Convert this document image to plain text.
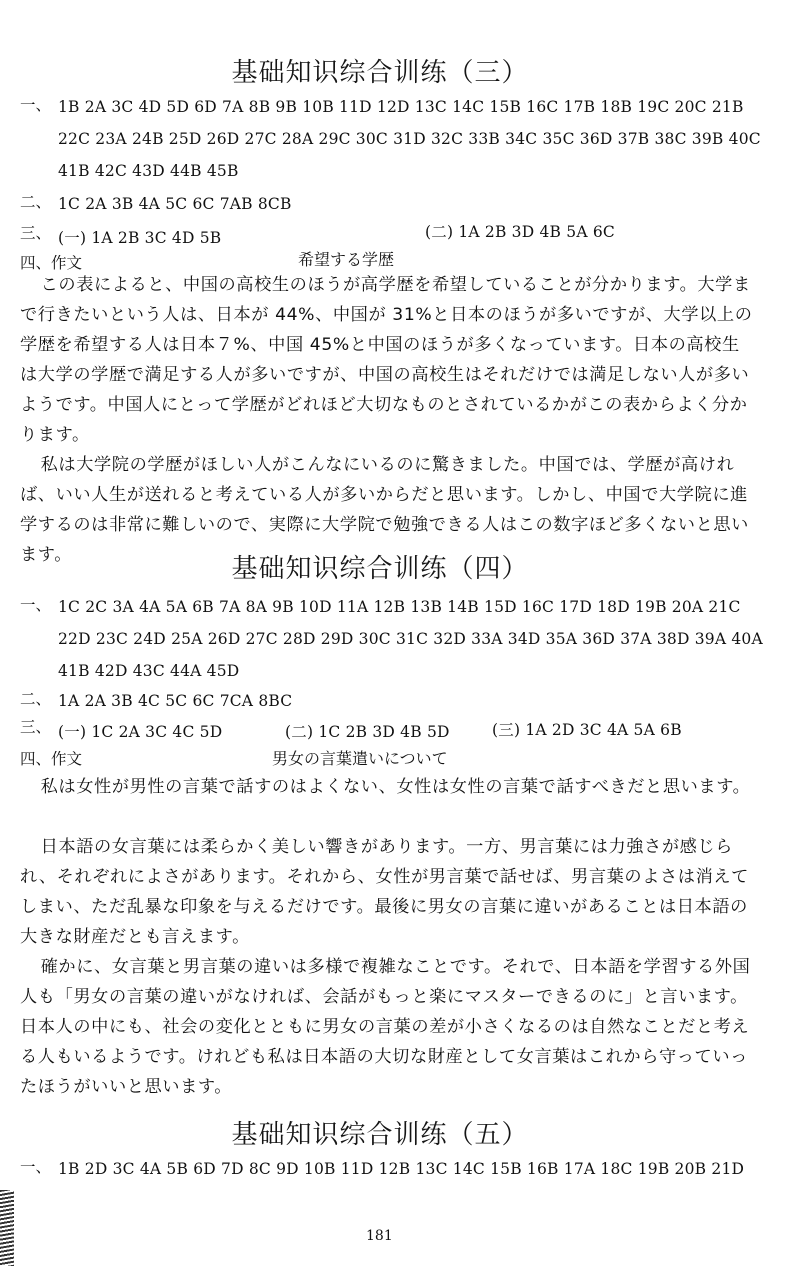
基础知识综合训练（三）
一、 1B 2A 3C 4D 5D 6D 7A 8B 9B 10B 11D 12D 13C 14C 15B 16C 17B 18B 19C 20C 21B
22C 23A 24B 25D 26D 27C 28A 29C 30C 31D 32C 33B 34C 35C 36D 37B 38C 39B 40C
41B 42C 43D 44B 45B
二、 1C 2A 3B 4A 5C 6C 7AB 8CB
三、 (一) 1A 2B 3C 4D 5B	(二) 1A 2B 3D 4B 5A 6C
四、作文	希望する学歴

この表によると、中国の高校生のほうが高学歴を希望していることが分かります。大学まで行きたいという人は、日本が 44%、中国が 31%と日本のほうが多いですが、大学以上の学歴を希望する人は日本７%、中国 45%と中国のほうが多くなっています。日本の高校生は大学の学歴で満足する人が多いですが、中国の高校生はそれだけでは満足しない人が多いようです。中国人にとって学歴がどれほど大切なものとされているかがこの表からよく分かります。

私は大学院の学歴がほしい人がこんなにいるのに驚きました。中国では、学歴が高ければ、いい人生が送れると考えている人が多いからだと思います。しかし、中国で大学院に進学するのは非常に難しいので、実際に大学院で勉強できる人はこの数字ほど多くないと思います。	基础知识综合训练（四）
一、 1C 2C 3A 4A 5A 6B 7A 8A 9B 10D 11A 12B 13B 14B 15D 16C 17D 18D 19B 20A 21C
22D 23C 24D 25A 26D 27C 28D 29D 30C 31C 32D 33A 34D 35A 36D 37A 38D 39A 40A
41B 42D 43C 44A 45D
二、 1A 2A 3B 4C 5C 6C 7CA 8BC
三、 (一) 1C 2A 3C 4C 5D	(二) 1C 2B 3D 4B 5D	(三) 1A 2D 3C 4A 5A 6B
四、作文	男女の言葉遣いについて

私は女性が男性の言葉で話すのはよくない、女性は女性の言葉で話すべきだと思います。

日本語の女言葉には柔らかく美しい響きがあります。一方、男言葉には力強さが感じられ、それぞれによさがあります。それから、女性が男言葉で話せば、男言葉のよさは消えてしまい、ただ乱暴な印象を与えるだけです。最後に男女の言葉に違いがあることは日本語の大きな財産だとも言えます。

確かに、女言葉と男言葉の違いは多様で複雑なことです。それで、日本語を学習する外国人も「男女の言葉の違いがなければ、会話がもっと楽にマスターできるのに」と言います。日本人の中にも、社会の変化とともに男女の言葉の差が小さくなるのは自然なことだと考える人もいるようです。けれども私は日本語の大切な財産として女言葉はこれから守っていったほうがいいと思います。

基础知识综合训练（五）
一、 1B 2D 3C 4A 5B 6D 7D 8C 9D 10B 11D 12B 13C 14C 15B 16B 17A 18C 19B 20B 21D
181
